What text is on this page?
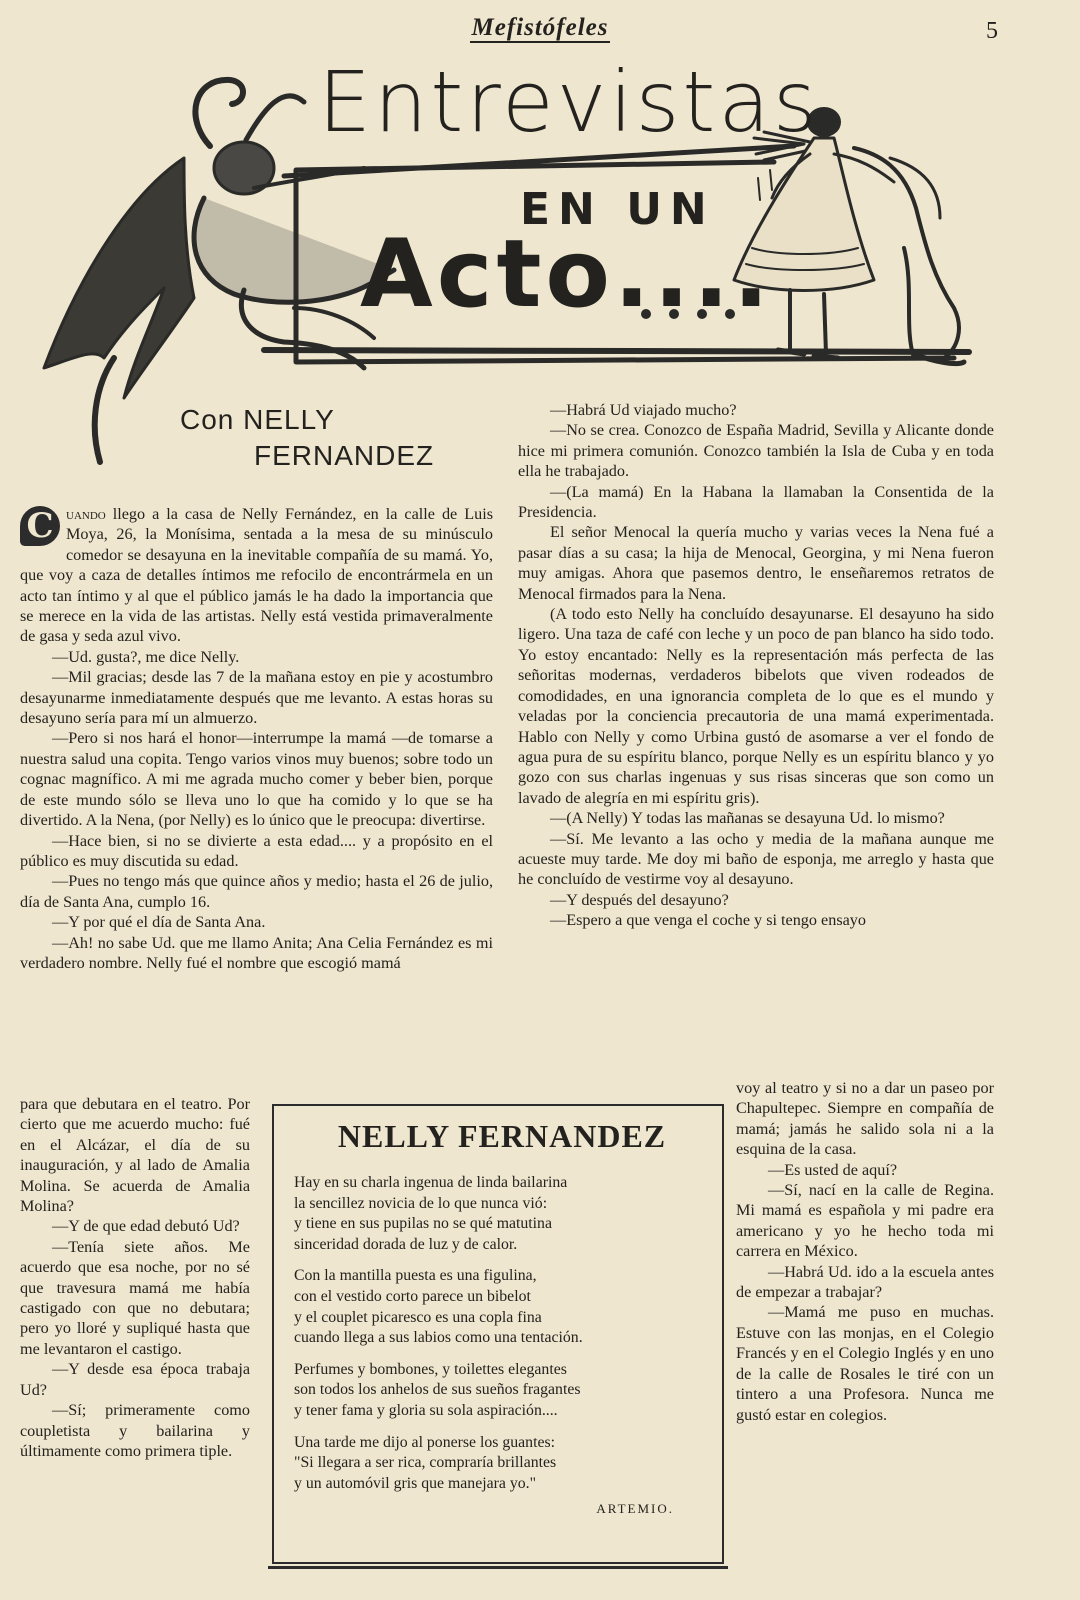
Mefistófeles	5
Entrevistas
EN UN
Acto....
Con NELLY
FERNANDEZ

C uando llego a la casa de Nelly Fernández, en la calle de Luis Moya, 26, la Monísima, sentada a la mesa de su minúsculo comedor se desayuna en la inevitable compañía de su mamá. Yo, que voy a caza de detalles íntimos me refocilo de encontrármela en un acto tan íntimo y al que el público jamás le ha dado la importancia que se merece en la vida de las artistas. Nelly está vestida primaveralmente de gasa y seda azul vivo.

—Ud. gusta?, me dice Nelly.

—Mil gracias; desde las 7 de la mañana estoy en pie y acostumbro desayunarme inmediatamente después que me levanto. A estas horas su desayuno sería para mí un almuerzo.

—Pero si nos hará el honor—interrumpe la mamá —de tomarse a nuestra salud una copita. Tengo varios vinos muy buenos; sobre todo un cognac magnífico. A mi me agrada mucho comer y beber bien, porque de este mundo sólo se lleva uno lo que ha comido y lo que se ha divertido. A la Nena, (por Nelly) es lo único que le preocupa: divertirse.

—Hace bien, si no se divierte a esta edad.... y a propósito en el público es muy discutida su edad.

—Pues no tengo más que quince años y medio; hasta el 26 de julio, día de Santa Ana, cumplo 16.

—Y por qué el día de Santa Ana.

—Ah! no sabe Ud. que me llamo Anita; Ana Celia Fernández es mi verdadero nombre. Nelly fué el nombre que escogió mamá

para que debutara en el teatro. Por cierto que me acuerdo mucho: fué en el Alcázar, el día de su inauguración, y al lado de Amalia Molina. Se acuerda de Amalia Molina?

—Y de que edad debutó Ud?

—Tenía siete años. Me acuerdo que esa noche, por no sé que travesura mamá me había castigado con que no debutara; pero yo lloré y supliqué hasta que me levantaron el castigo.

—Y desde esa época trabaja Ud?

—Sí; primeramente como coupletista y bailarina y últimamente como primera tiple.

—Habrá Ud viajado mucho?

—No se crea. Conozco de España Madrid, Sevilla y Alicante donde hice mi primera comunión. Conozco también la Isla de Cuba y en toda ella he trabajado.

—(La mamá) En la Habana la llamaban la Consentida de la Presidencia.

El señor Menocal la quería mucho y varias veces la Nena fué a pasar días a su casa; la hija de Menocal, Georgina, y mi Nena fueron muy amigas. Ahora que pasemos dentro, le enseñaremos retratos de Menocal firmados para la Nena.

(A todo esto Nelly ha concluído desayunarse. El desayuno ha sido ligero. Una taza de café con leche y un poco de pan blanco ha sido todo. Yo estoy encantado: Nelly es la representación más perfecta de las señoritas modernas, verdaderos bibelots que viven rodeados de comodidades, en una ignorancia completa de lo que es el mundo y veladas por la conciencia precautoria de una mamá experimentada. Hablo con Nelly y como Urbina gustó de asomarse a ver el fondo de agua pura de su espíritu blanco, porque Nelly es un espíritu blanco y yo gozo con sus charlas ingenuas y sus risas sinceras que son como un lavado de alegría en mi espíritu gris).

—(A Nelly) Y todas las mañanas se desayuna Ud. lo mismo?

—Sí. Me levanto a las ocho y media de la mañana aunque me acueste muy tarde. Me doy mi baño de esponja, me arreglo y hasta que he concluído de vestirme voy al desayuno.

—Y después del desayuno?

—Espero a que venga el coche y si tengo ensayo

voy al teatro y si no a dar un paseo por Chapultepec. Siempre en compañía de mamá; jamás he salido sola ni a la esquina de la casa.

—Es usted de aquí?

—Sí, nací en la calle de Regina. Mi mamá es española y mi padre era americano y yo he hecho toda mi carrera en México.

—Habrá Ud. ido a la escuela antes de empezar a trabajar?

—Mamá me puso en muchas. Estuve con las monjas, en el Colegio Francés y en el Colegio Inglés y en uno de la calle de Rosales le tiré con un tintero a una Profesora. Nunca me gustó estar en colegios.

NELLY FERNANDEZ
Hay en su charla ingenua de linda bailarina
la sencillez novicia de lo que nunca vió:
y tiene en sus pupilas no se qué matutina
sinceridad dorada de luz y de calor.
Con la mantilla puesta es una figulina,
con el vestido corto parece un bibelot
y el couplet picaresco es una copla fina
cuando llega a sus labios como una tentación.
Perfumes y bombones, y toilettes elegantes
son todos los anhelos de sus sueños fragantes
y tener fama y gloria su sola aspiración....
Una tarde me dijo al ponerse los guantes:
"Si llegara a ser rica, compraría brillantes
y un automóvil gris que manejara yo."
ARTEMIO.
